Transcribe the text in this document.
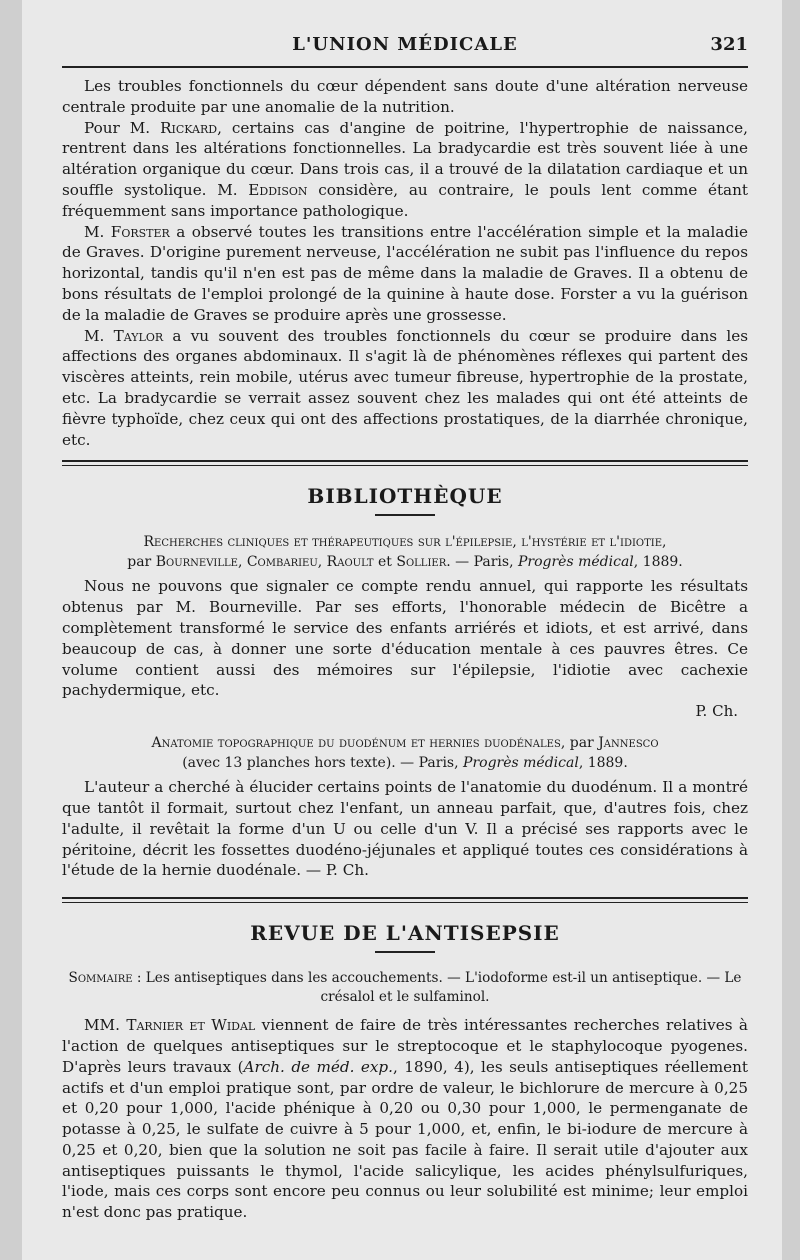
L'UNION MÉDICALE	321

Les troubles fonctionnels du cœur dépendent sans doute d'une altération nerveuse centrale produite par une anomalie de la nutrition.

Pour M. Rickard, certains cas d'angine de poitrine, l'hypertrophie de naissance, rentrent dans les altérations fonctionnelles. La bradycardie est très souvent liée à une altération organique du cœur. Dans trois cas, il a trouvé de la dilatation cardiaque et un souffle systolique. M. Eddison considère, au contraire, le pouls lent comme étant fréquemment sans importance pathologique.

M. Forster a observé toutes les transitions entre l'accélération simple et la maladie de Graves. D'origine purement nerveuse, l'accélération ne subit pas l'influence du repos horizontal, tandis qu'il n'en est pas de même dans la maladie de Graves. Il a obtenu de bons résultats de l'emploi prolongé de la quinine à haute dose. Forster a vu la guérison de la maladie de Graves se produire après une grossesse.

M. Taylor a vu souvent des troubles fonctionnels du cœur se produire dans les affections des organes abdominaux. Il s'agit là de phénomènes réflexes qui partent des viscères atteints, rein mobile, utérus avec tumeur fibreuse, hypertrophie de la prostate, etc. La bradycardie se verrait assez souvent chez les malades qui ont été atteints de fièvre typhoïde, chez ceux qui ont des affections prostatiques, de la diarrhée chronique, etc.

BIBLIOTHÈQUE
Recherches cliniques et thérapeutiques sur l'épilepsie, l'hystérie et l'idiotie,
par Bourneville, Combarieu, Raoult et Sollier. — Paris, Progrès médical, 1889.

Nous ne pouvons que signaler ce compte rendu annuel, qui rapporte les résultats obtenus par M. Bourneville. Par ses efforts, l'honorable médecin de Bicêtre a complètement transformé le service des enfants arriérés et idiots, et est arrivé, dans beaucoup de cas, à donner une sorte d'éducation mentale à ces pauvres êtres. Ce volume contient aussi des mémoires sur l'épilepsie, l'idiotie avec cachexie pachydermique, etc.

P. Ch.
Anatomie topographique du duodénum et hernies duodénales, par Jannesco
(avec 13 planches hors texte). — Paris, Progrès médical, 1889.

L'auteur a cherché à élucider certains points de l'anatomie du duodénum. Il a montré que tantôt il formait, surtout chez l'enfant, un anneau parfait, que, d'autres fois, chez l'adulte, il revêtait la forme d'un U ou celle d'un V. Il a précisé ses rapports avec le péritoine, décrit les fossettes duodéno-jéjunales et appliqué toutes ces considérations à l'étude de la hernie duodénale. — P. Ch.

REVUE DE L'ANTISEPSIE
Sommaire : Les antiseptiques dans les accouchements. — L'iodoforme est-il un antiseptique. — Le crésalol et le sulfaminol.

MM. Tarnier et Widal viennent de faire de très intéressantes recherches relatives à l'action de quelques antiseptiques sur le streptocoque et le staphylocoque pyogenes. D'après leurs travaux (Arch. de méd. exp., 1890, 4), les seuls antiseptiques réellement actifs et d'un emploi pratique sont, par ordre de valeur, le bichlorure de mercure à 0,25 et 0,20 pour 1,000, l'acide phénique à 0,20 ou 0,30 pour 1,000, le permenganate de potasse à 0,25, le sulfate de cuivre à 5 pour 1,000, et, enfin, le bi-iodure de mercure à 0,25 et 0,20, bien que la solution ne soit pas facile à faire. Il serait utile d'ajouter aux antiseptiques puissants le thymol, l'acide salicylique, les acides phénylsulfuriques, l'iode, mais ces corps sont encore peu connus ou leur solubilité est minime; leur emploi n'est donc pas pratique.
